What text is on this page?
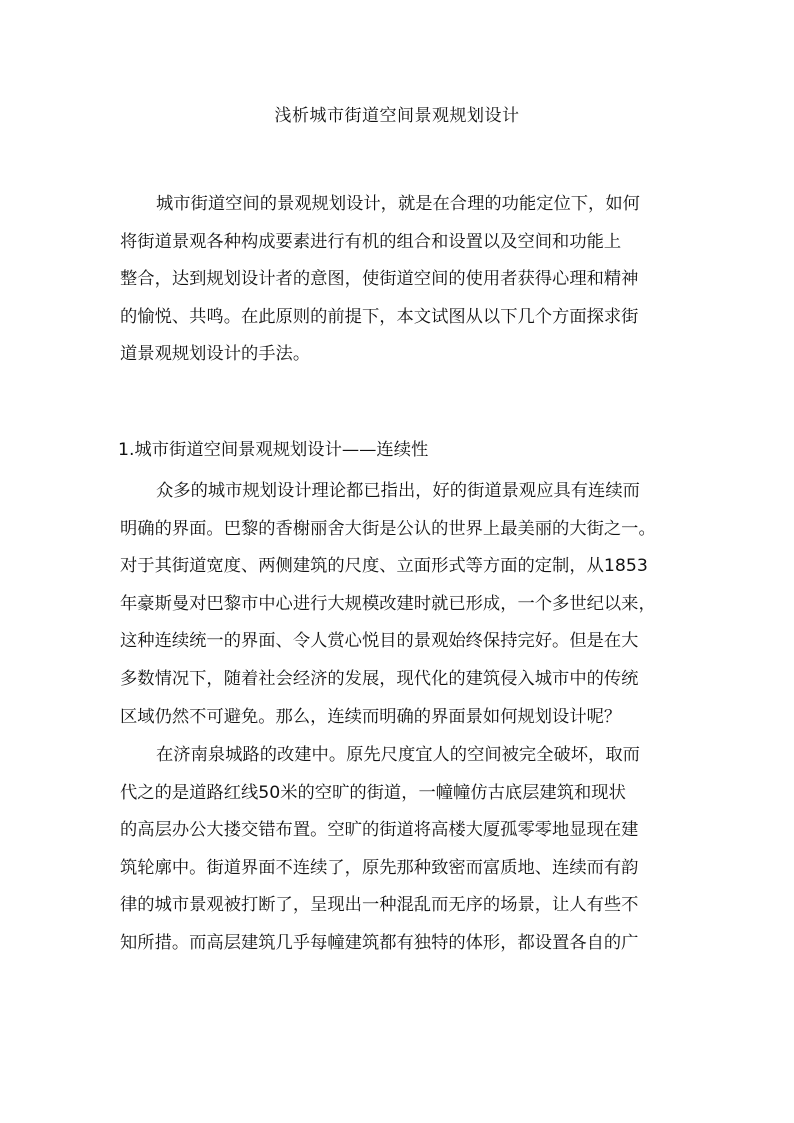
浅析城市街道空间景观规划设计
城市街道空间的景观规划设计，就是在合理的功能定位下，如何
将街道景观各种构成要素进行有机的组合和设置以及空间和功能上
整合，达到规划设计者的意图，使街道空间的使用者获得心理和精神
的愉悦、共鸣。在此原则的前提下，本文试图从以下几个方面探求街
道景观规划设计的手法。
1.城市街道空间景观规划设计——连续性
众多的城市规划设计理论都已指出，好的街道景观应具有连续而
明确的界面。巴黎的香榭丽舍大街是公认的世界上最美丽的大街之一。
对于其街道宽度、两侧建筑的尺度、立面形式等方面的定制，从1853
年豪斯曼对巴黎市中心进行大规模改建时就已形成，一个多世纪以来，
这种连续统一的界面、令人赏心悦目的景观始终保持完好。但是在大
多数情况下，随着社会经济的发展，现代化的建筑侵入城市中的传统
区域仍然不可避免。那么，连续而明确的界面景如何规划设计呢？
在济南泉城路的改建中。原先尺度宜人的空间被完全破坏，取而
代之的是道路红线50米的空旷的街道，一幢幢仿古底层建筑和现状
的高层办公大搂交错布置。空旷的街道将高楼大厦孤零零地显现在建
筑轮廓中。街道界面不连续了，原先那种致密而富质地、连续而有韵
律的城市景观被打断了，呈现出一种混乱而无序的场景，让人有些不
知所措。而高层建筑几乎每幢建筑都有独特的体形，都设置各自的广
